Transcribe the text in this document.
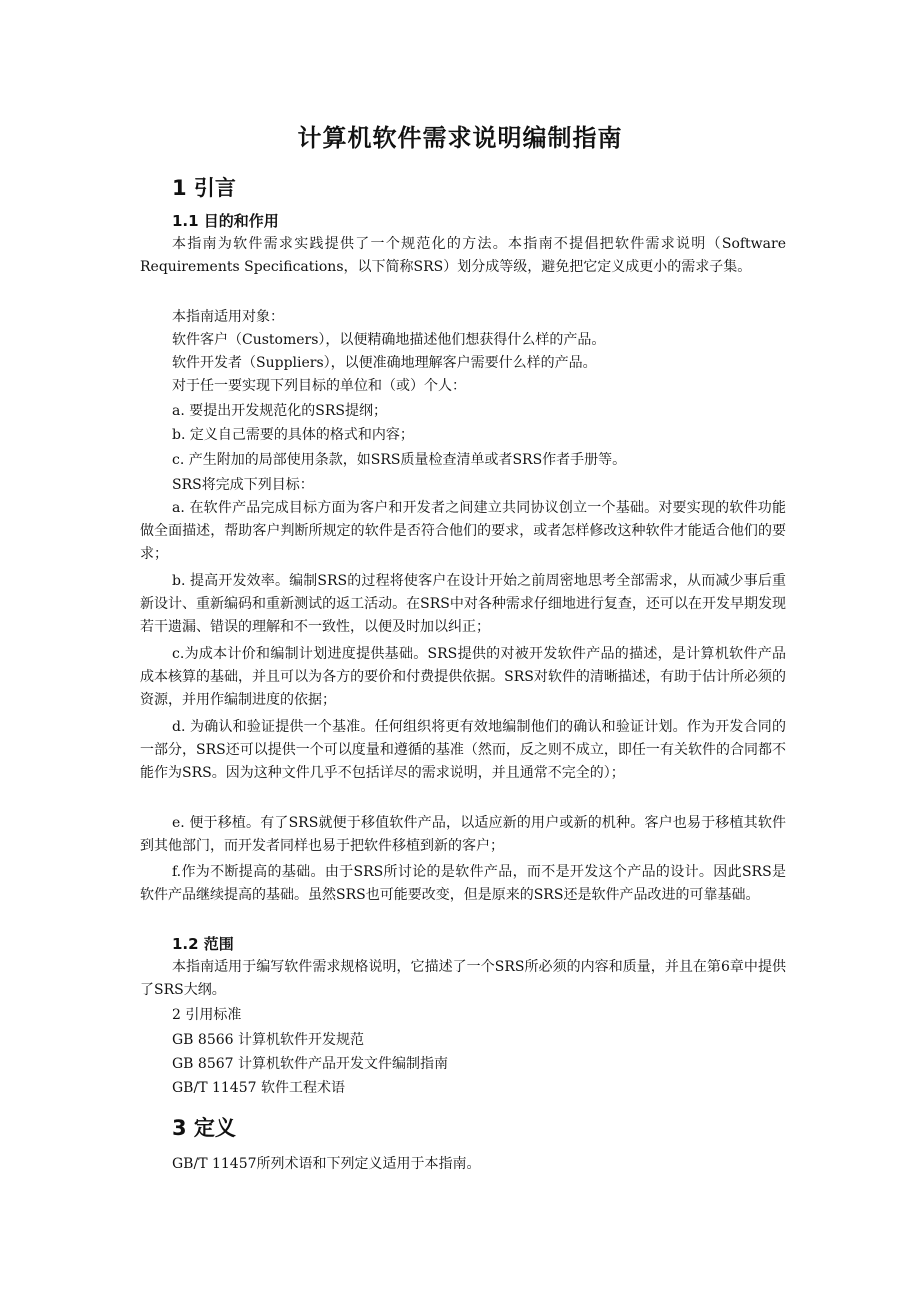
计算机软件需求说明编制指南
1 引言
1.1 目的和作用

本指南为软件需求实践提供了一个规范化的方法。本指南不提倡把软件需求说明（Software Requirements Specifications，以下简称SRS）划分成等级，避免把它定义成更小的需求子集。

本指南适用对象：
软件客户（Customers），以便精确地描述他们想获得什么样的产品。
软件开发者（Suppliers），以便准确地理解客户需要什么样的产品。
对于任一要实现下列目标的单位和（或）个人：
a. 要提出开发规范化的SRS提纲；
b. 定义自己需要的具体的格式和内容；
c. 产生附加的局部使用条款，如SRS质量检查清单或者SRS作者手册等。
SRS将完成下列目标：

a. 在软件产品完成目标方面为客户和开发者之间建立共同协议创立一个基础。对要实现的软件功能做全面描述，帮助客户判断所规定的软件是否符合他们的要求，或者怎样修改这种软件才能适合他们的要求；

b. 提高开发效率。编制SRS的过程将使客户在设计开始之前周密地思考全部需求，从而减少事后重新设计、重新编码和重新测试的返工活动。在SRS中对各种需求仔细地进行复查，还可以在开发早期发现若干遗漏、错误的理解和不一致性，以便及时加以纠正；

c.为成本计价和编制计划进度提供基础。SRS提供的对被开发软件产品的描述，是计算机软件产品成本核算的基础，并且可以为各方的要价和付费提供依据。SRS对软件的清晰描述，有助于估计所必须的资源，并用作编制进度的依据；

d. 为确认和验证提供一个基准。任何组织将更有效地编制他们的确认和验证计划。作为开发合同的一部分，SRS还可以提供一个可以度量和遵循的基准（然而，反之则不成立，即任一有关软件的合同都不能作为SRS。因为这种文件几乎不包括详尽的需求说明，并且通常不完全的）；

e. 便于移植。有了SRS就便于移值软件产品，以适应新的用户或新的机种。客户也易于移植其软件到其他部门，而开发者同样也易于把软件移植到新的客户；

f.作为不断提高的基础。由于SRS所讨论的是软件产品，而不是开发这个产品的设计。因此SRS是软件产品继续提高的基础。虽然SRS也可能要改变，但是原来的SRS还是软件产品改进的可靠基础。

1.2 范围

本指南适用于编写软件需求规格说明，它描述了一个SRS所必须的内容和质量，并且在第6章中提供了SRS大纲。

2 引用标准
GB 8566 计算机软件开发规范
GB 8567 计算机软件产品开发文件编制指南
GB/T 11457 软件工程术语
3 定义
GB/T 11457所列术语和下列定义适用于本指南。
